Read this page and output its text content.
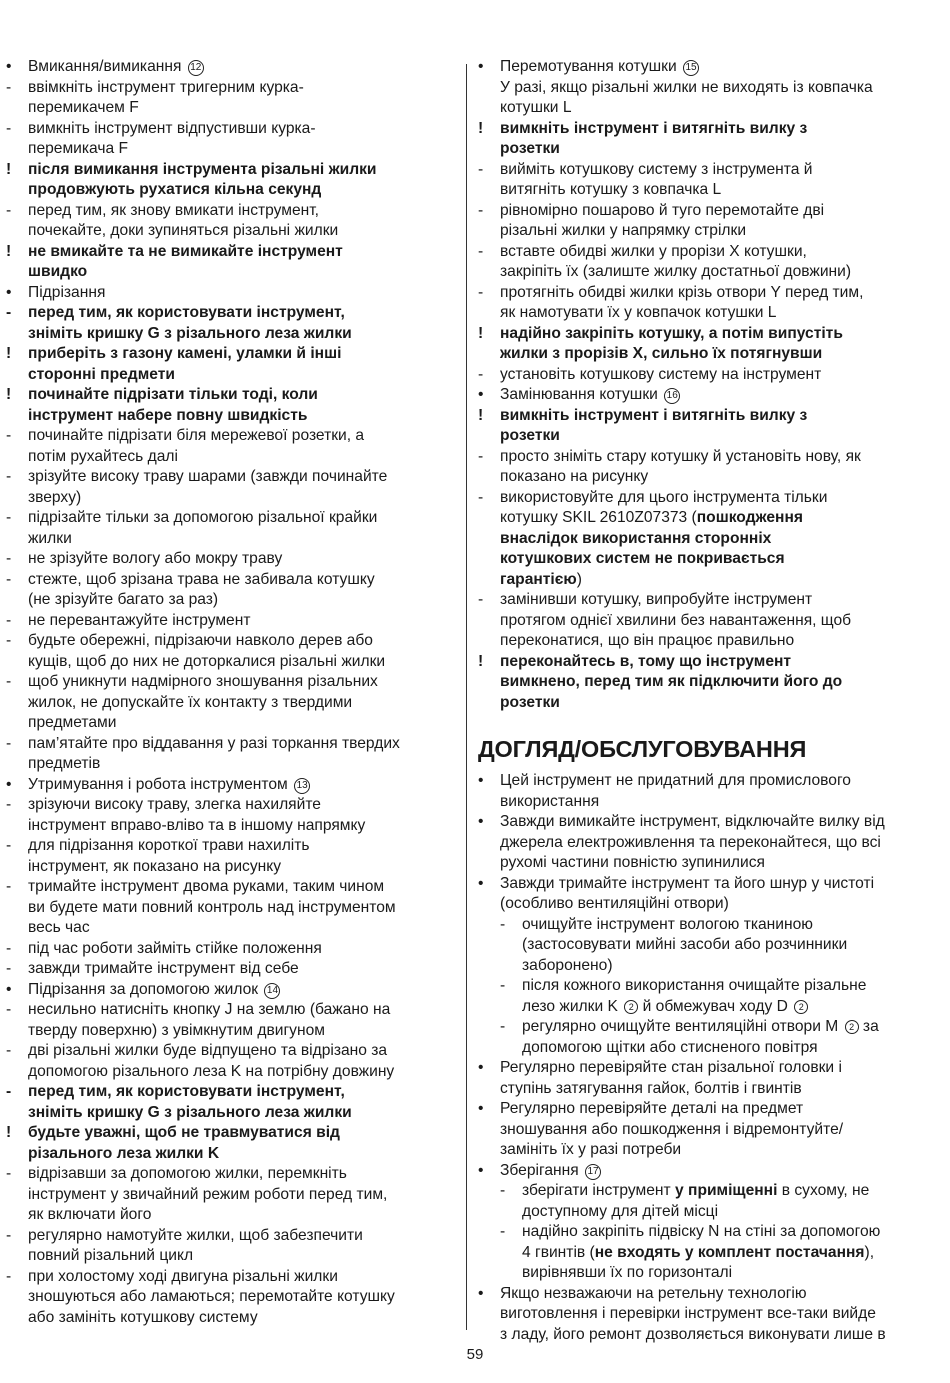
•	Вмикання/вимикання 12
-	ввімкніть інструмент тригерним курка-
перемикачем F
-	вимкніть інструмент відпустивши курка-
перемикача F
!	після вимикання інструмента різальні жилки
продовжують рухатися кільна секунд
-	перед тим, як знову вмикати інструмент,
почекайте, доки зупиняться різальні жилки
!	не вмикайте та не вимикайте інструмент
швидко
•	Підрізання
-	перед тим, як користовувати інструмент,
зніміть кришку G з різального леза жилки
!	приберіть з газону камені, уламки й інші
сторонні предмети
!	починайте підрізати тільки тоді, коли
інструмент набере повну швидкість
-	починайте підрізати біля мережевої розетки, а
потім рухайтесь далі
-	зрізуйте високу траву шарами (завжди починайте
зверху)
-	підрізайте тільки за допомогою різальної крайки
жилки
-	не зрізуйте вологу або мокру траву
-	стежте, щоб зрізана трава не забивала котушку
(не зрізуйте багато за раз)
-	не перевантажуйте інструмент
-	будьте обережні, підрізаючи навколо дерев або
кущів, щоб до них не доторкалися різальні жилки
-	щоб уникнути надмірного зношування різальних
жилок, не допускайте їх контакту з твердими
предметами
-	пам’ятайте про віддавання у разі торкання твердих
предметів
•	Утримування і робота інструментом 13
-	зрізуючи високу траву, злегка нахиляйте
інструмент вправо-вліво та в іншому напрямку
-	для підрізання короткої трави нахиліть
інструмент, як показано на рисунку
-	тримайте інструмент двома руками, таким чином
ви будете мати повний контроль над інструментом
весь час
-	під час роботи займіть стійке положення
-	завжди тримайте інструмент від себе
•	Підрізання за допомогою жилок 14
-	несильно натисніть кнопку J на землю (бажано на
тверду поверхню) з увімкнутим двигуном
-	дві різальні жилки буде відпущено та відрізано за
допомогою різального леза K на потрібну довжину
-	перед тим, як користовувати інструмент,
зніміть кришку G з різального леза жилки
!	будьте уважні, щоб не травмуватися від
різального леза жилки K
-	відрізавши за допомогою жилки, перемкніть
інструмент у звичайний режим роботи перед тим,
як включати його
-	регулярно намотуйте жилки, щоб забезпечити
повний різальний цикл
-	при холостому ході двигуна різальні жилки
зношуються або ламаються; перемотайте котушку
або замініть котушкову систему
•	Перемотування котушки 15
У разі, якщо різальні жилки не виходять із ковпачка
котушки L
!	вимкніть інструмент і витягніть вилку з
розетки
-	вийміть котушкову систему з інструмента й
витягніть котушку з ковпачка L
-	рівномірно пошарово й туго перемотайте дві
різальні жилки у напрямку стрілки
-	вставте обидві жилки у прорізи X котушки,
закріпіть їх (залиште жилку достатньої довжини)
-	протягніть обидві жилки крізь отвори Y перед тим,
як намотувати їх у ковпачок котушки L
!	надійно закріпіть котушку, а потім випустіть
жилки з прорізів X, сильно їх потягнувши
-	установіть котушкову систему на інструмент
•	Замінювання котушки 16
!	вимкніть інструмент і витягніть вилку з
розетки
-	просто зніміть стару котушку й установіть нову, як
показано на рисунку
-	використовуйте для цього інструмента тільки
котушку SKIL 2610Z07373 (пошкодження
внаслідок використання сторонніх
котушкових систем не покривається
гарантією)
-	замінивши котушку, випробуйте інструмент
протягом однієї хвилини без навантаження, щоб
переконатися, що він працює правильно
!	переконайтесь в, тому що інструмент
вимкнено, перед тим як підключити його до
розетки
ДОГЛЯД/ОБСЛУГОВУВАННЯ
•	Цей інструмент не придатний для промислового
використання
•	Завжди вимикайте інструмент, відключайте вилку від
джерела електроживлення та переконайтеся, що всі
рухомі частини повністю зупинилися
•	Завжди тримайте інструмент та його шнур у чистоті
(особливо вентиляційні отвори)
-	очищуйте інструмент вологою тканиною
(застосовувати мийні засоби або розчинники
заборонено)
-	після кожного використання очищайте різальне
лезо жилки K 2 й обмежувач ходу D 2
-	регулярно очищуйте вентиляційні отвори M 2 за
допомогою щітки або стисненого повітря
•	Регулярно перевіряйте стан різальної головки і
ступінь затягування гайок, болтів і гвинтів
•	Регулярно перевіряйте деталі на предмет
зношування або пошкодження і відремонтуйте/
замініть їх у разі потреби
•	Зберігання 17
-	зберігати інструмент у приміщенні в сухому, не
доступному для дітей місці
-	надійно закріпіть підвіску N на стіні за допомогою
4 гвинтів (не входять у комплент постачання),
вирівнявши їх по горизонталі
•	Якщо незважаючи на ретельну технологію
виготовлення і перевірки інструмент все-таки вийде
з ладу, його ремонт дозволяється виконувати лише в
59
